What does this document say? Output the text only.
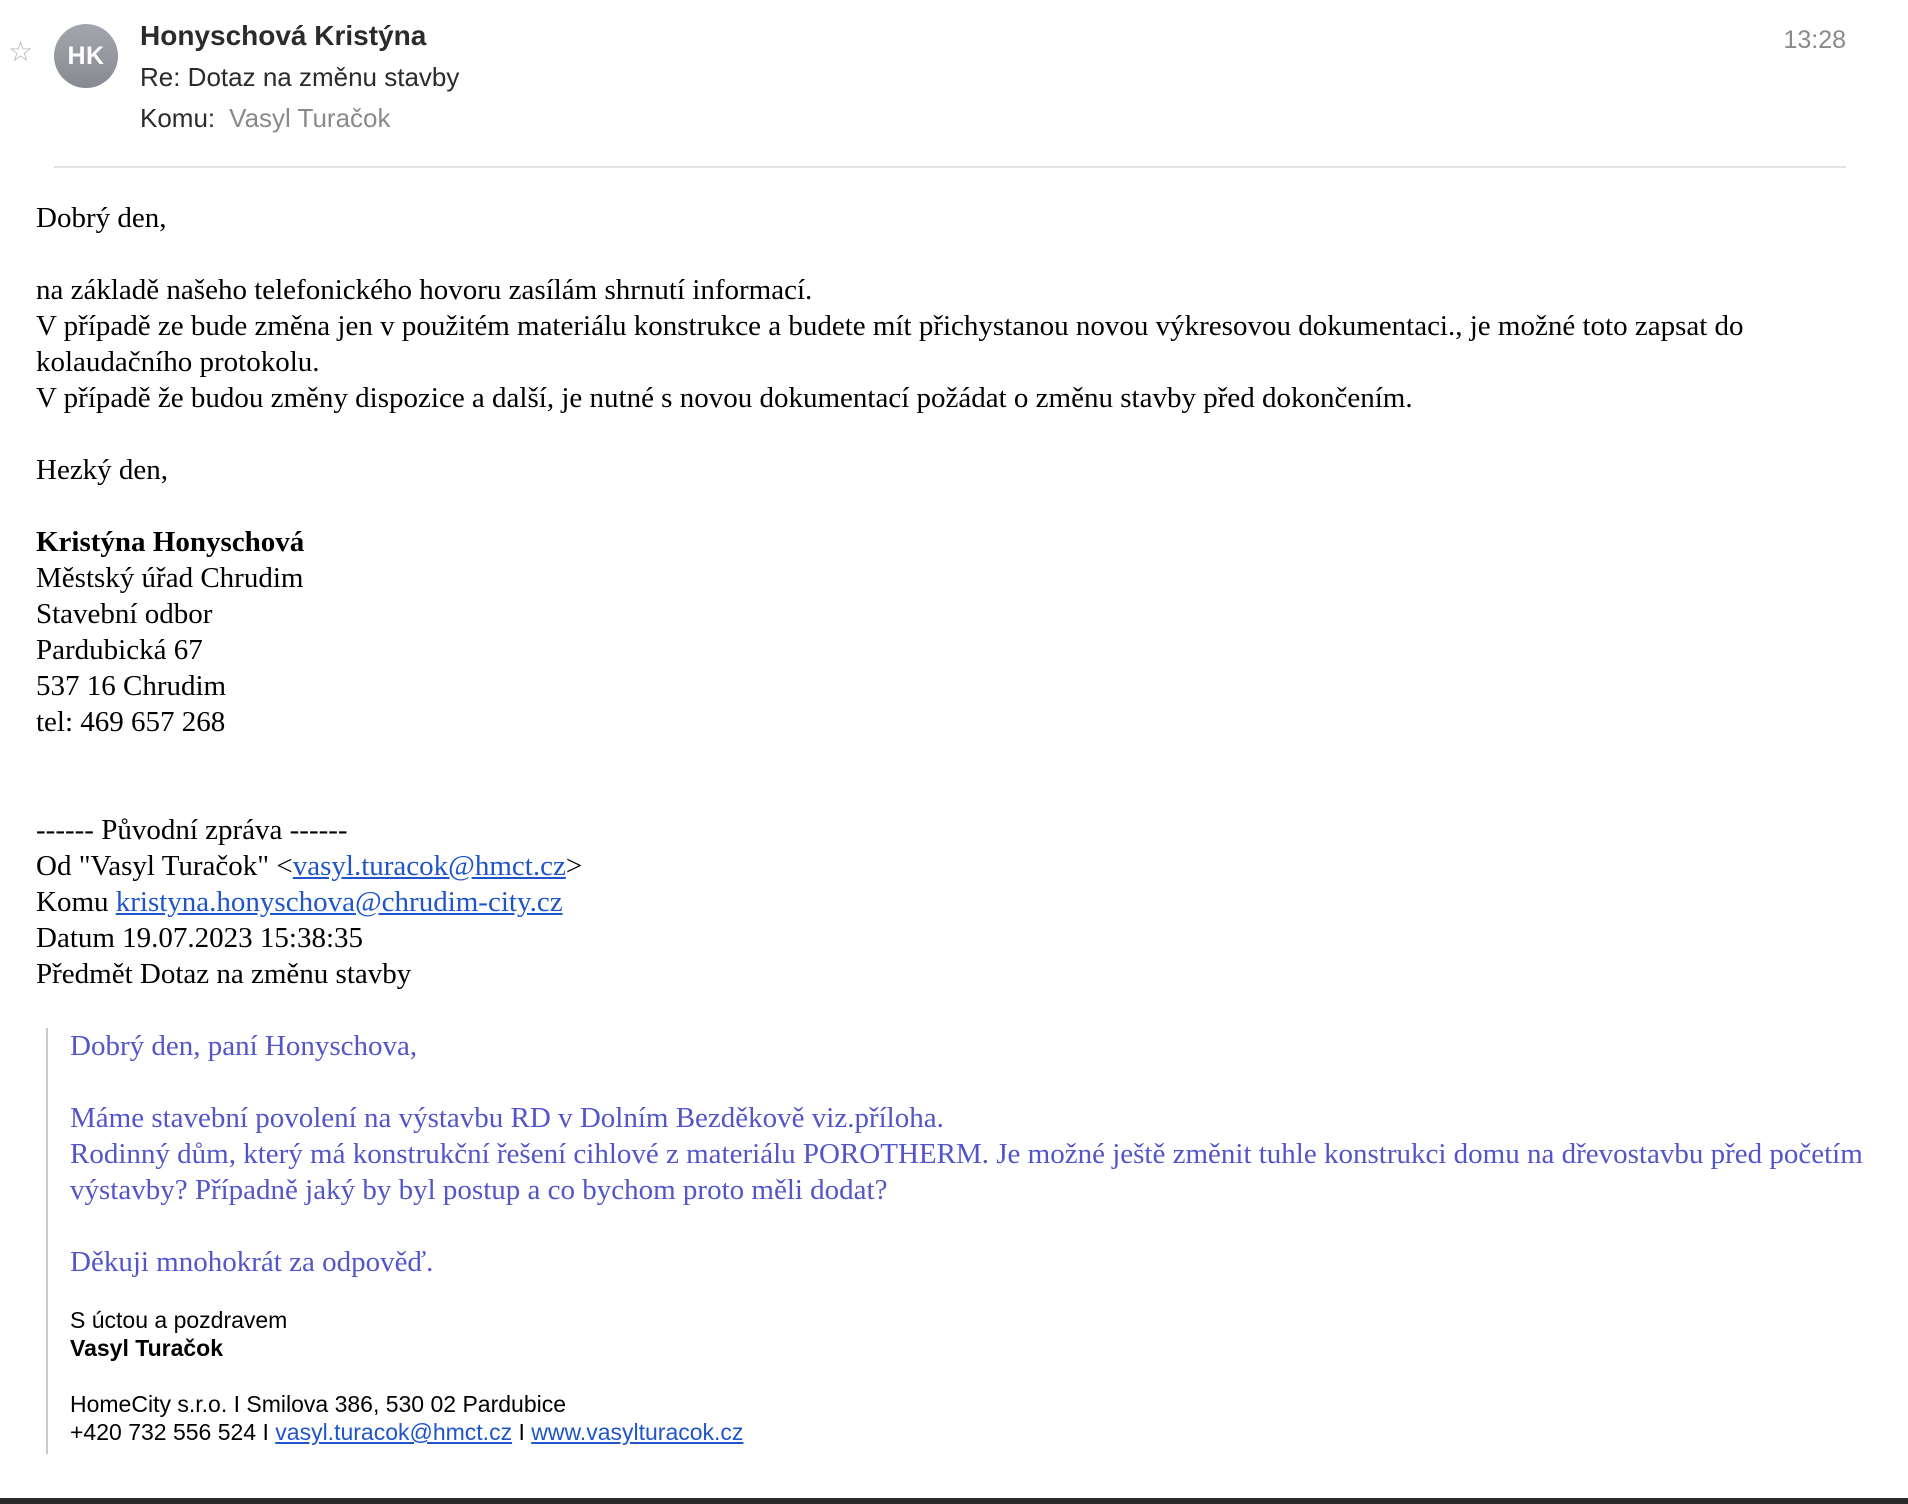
☆	HK
Honyschová Kristýna
Re: Dotaz na změnu stavby
Komu: Vasyl Turačok
13:28

Dobrý den,

na základě našeho telefonického hovoru zasílám shrnutí informací.

V případě ze bude změna jen v použitém materiálu konstrukce a budete mít přichystanou novou výkresovou dokumentaci., je možné toto zapsat do kolaudačního protokolu.

V případě že budou změny dispozice a další, je nutné s novou dokumentací požádat o změnu stavby před dokončením.

Hezký den,

Kristýna Honyschová

Městský úřad Chrudim

Stavební odbor

Pardubická 67

537 16 Chrudim

tel: 469 657 268

------ Původní zpráva ------

Od "Vasyl Turačok" <vasyl.turacok@hmct.cz>

Komu kristyna.honyschova@chrudim-city.cz

Datum 19.07.2023 15:38:35

Předmět Dotaz na změnu stavby

Dobrý den, paní Honyschova,

Máme stavební povolení na výstavbu RD v Dolním Bezděkově viz.příloha.

Rodinný dům, který má konstrukční řešení cihlové z materiálu POROTHERM. Je možné ještě změnit tuhle konstrukci domu na dřevostavbu před početím výstavby? Případně jaký by byl postup a co bychom proto měli dodat?

Děkuji mnohokrát za odpověď.

S úctou a pozdravem

Vasyl Turačok

HomeCity s.r.o. I Smilova 386, 530 02 Pardubice

+420 732 556 524 I vasyl.turacok@hmct.cz I www.vasylturacok.cz
